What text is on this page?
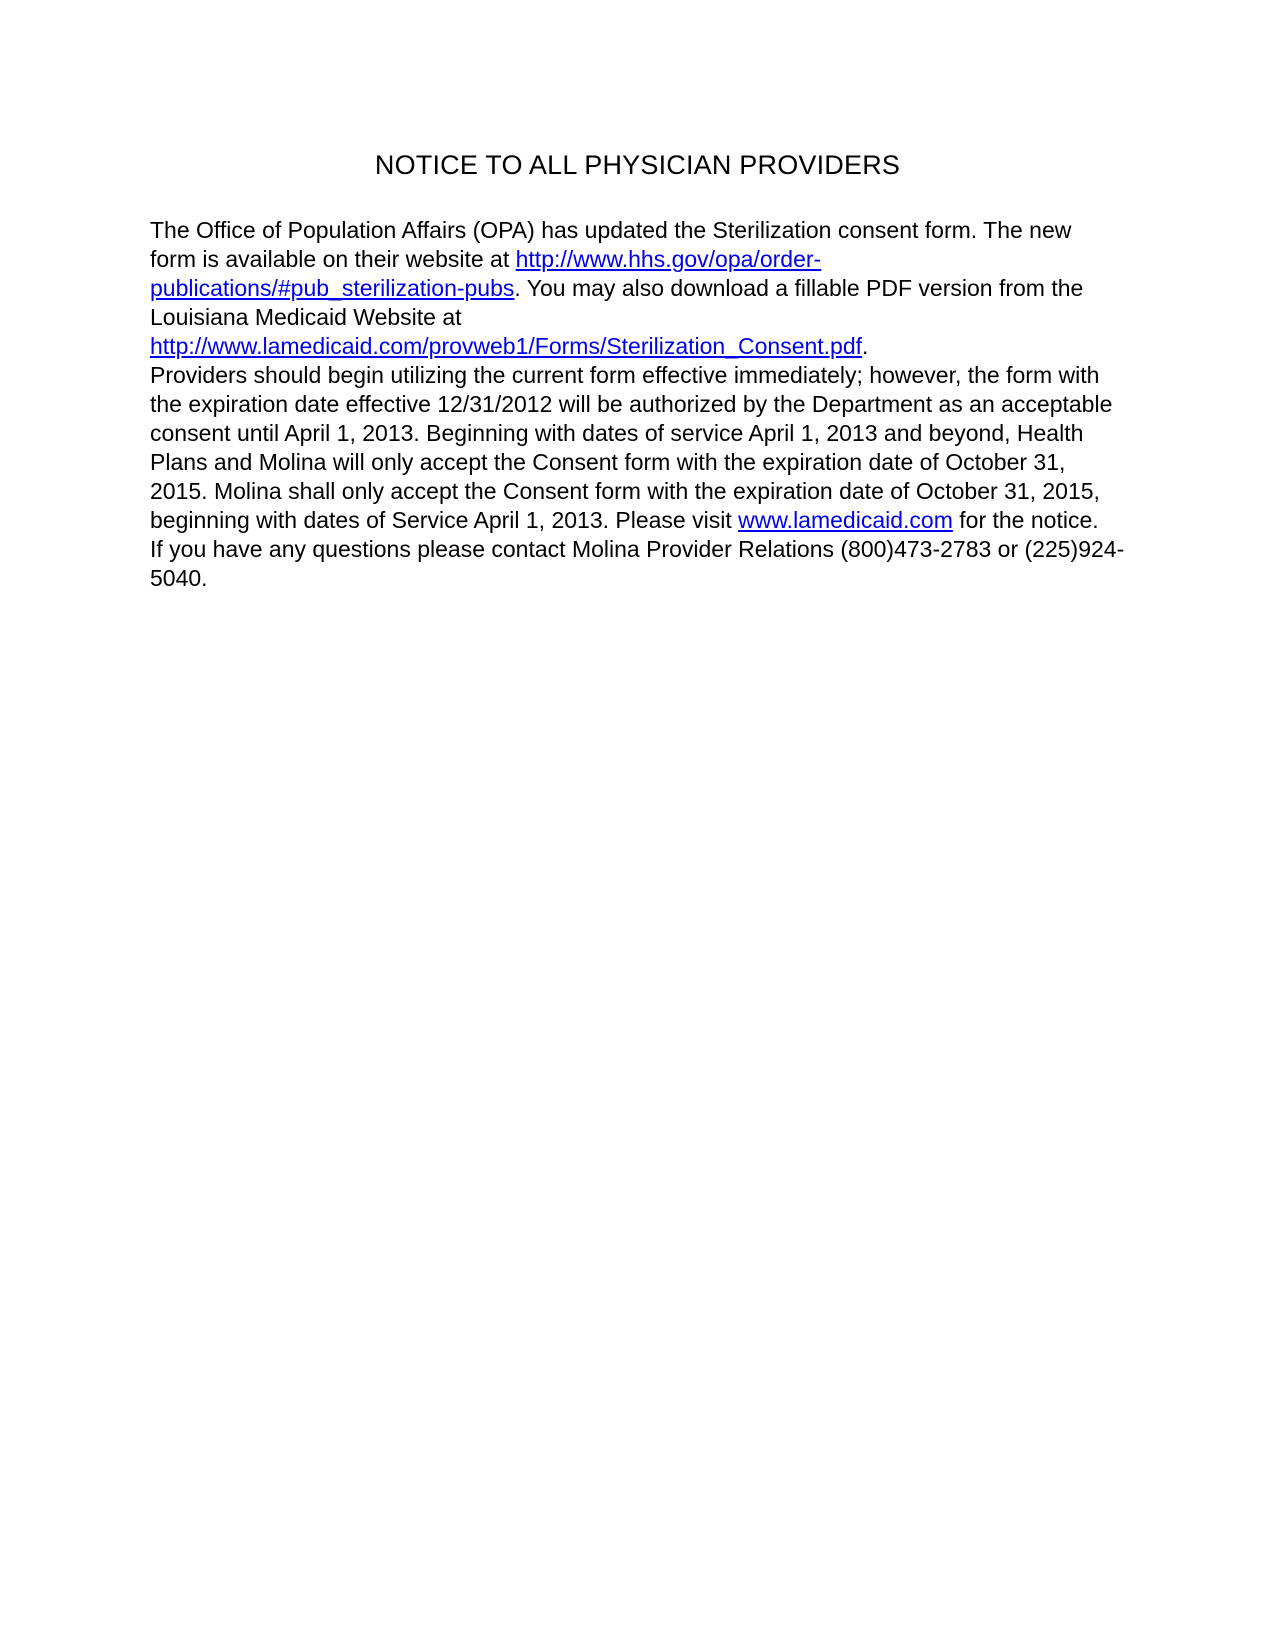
NOTICE TO ALL PHYSICIAN PROVIDERS
The Office of Population Affairs (OPA) has updated the Sterilization consent form. The new
form is available on their website at http://www.hhs.gov/opa/order-
publications/#pub_sterilization-pubs. You may also download a fillable PDF version from the
Louisiana Medicaid Website at
http://www.lamedicaid.com/provweb1/Forms/Sterilization_Consent.pdf.
Providers should begin utilizing the current form effective immediately; however, the form with
the expiration date effective 12/31/2012 will be authorized by the Department as an acceptable
consent until April 1, 2013. Beginning with dates of service April 1, 2013 and beyond, Health
Plans and Molina will only accept the Consent form with the expiration date of October 31,
2015. Molina shall only accept the Consent form with the expiration date of October 31, 2015,
beginning with dates of Service April 1, 2013. Please visit www.lamedicaid.com for the notice.
If you have any questions please contact Molina Provider Relations (800)473-2783 or (225)924-
5040.
